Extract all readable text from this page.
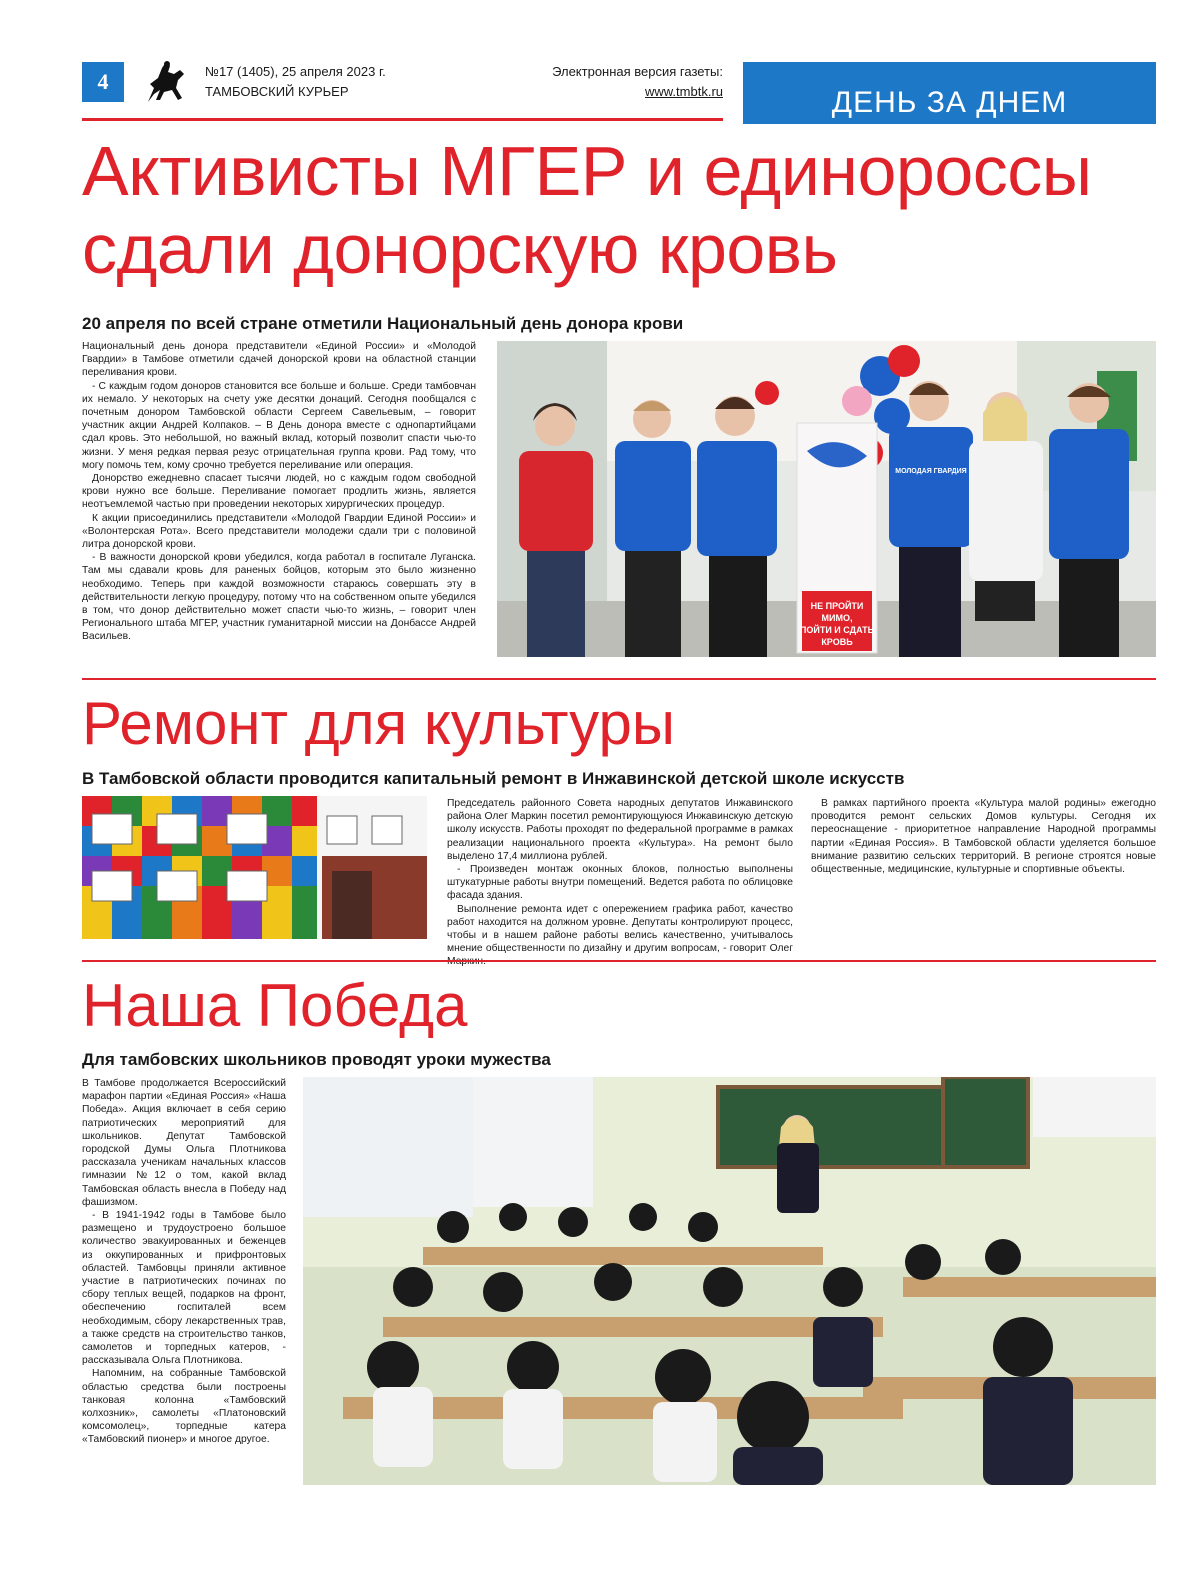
4	№17 (1405), 25 апреля 2023 г.
ТАМБОВСКИЙ КУРЬЕР
Электронная версия газеты:
www.tmbtk.ru	ДЕНЬ ЗА ДНЕМ
Активисты МГЕР и единороссы сдали донорскую кровь
20 апреля по всей стране отметили Национальный день донора крови

Национальный день донора представители «Единой России» и «Молодой Гвардии» в Тамбове отметили сдачей донорской крови на областной станции переливания крови.

- С каждым годом доноров становится все больше и больше. Среди тамбовчан их немало. У некоторых на счету уже десятки донаций. Сегодня пообщался с почетным донором Тамбовской области Сергеем Савельевым, – говорит участник акции Андрей Колпаков. – В День донора вместе с однопартийцами сдал кровь. Это небольшой, но важный вклад, который позволит спасти чью-то жизни. У меня редкая первая резус отрицательная группа крови. Рад тому, что могу помочь тем, кому срочно требуется переливание или операция.

Донорство ежедневно спасает тысячи людей, но с каждым годом свободной крови нужно все больше. Переливание помогает продлить жизнь, является неотъемлемой частью при проведении некоторых хирургических процедур.

К акции присоединились представители «Молодой Гвардии Единой России» и «Волонтерская Рота». Всего представители молодежи сдали три с половиной литра донорской крови.

- В важности донорской крови убедился, когда работал в госпитале Луганска. Там мы сдавали кровь для раненых бойцов, которым это было жизненно необходимо. Теперь при каждой возможности стараюсь совершать эту в действительности легкую процедуру, потому что на собственном опыте убедился в том, что донор действительно может спасти чью-то жизнь, – говорит член Регионального штаба МГЕР, участник гуманитарной миссии на Донбассе Андрей Васильев.

НЕ ПРОЙТИ
МИМО,
ПОЙТИ И СДАТЬ
КРОВЬ
МОЛОДАЯ ГВАРДИЯ
Ремонт для культуры
В Тамбовской области проводится капитальный ремонт в Инжавинской детской школе искусств

Председатель районного Совета народных депутатов Инжавинского района Олег Маркин посетил ремонтирующуюся Инжавинскую детскую школу искусств. Работы проходят по федеральной программе в рамках реализации национального проекта «Культура». На ремонт было выделено 17,4 миллиона рублей.

- Произведен монтаж оконных блоков, полностью выполнены штукатурные работы внутри помещений. Ведется работа по облицовке фасада здания.

Выполнение ремонта идет с опережением графика работ, качество работ находится на должном уровне. Депутаты контролируют процесс, чтобы и в нашем районе работы велись качественно, учитывалось мнение общественности по дизайну и другим вопросам, - говорит Олег

В рамках партийного проекта «Культура малой родины» ежегодно проводится ремонт сельских Домов культуры. Сегодня их переоснащение - приоритетное направление Народной программы партии «Единая Россия». В Тамбовской области уделяется большое внимание развитию сельских территорий. В регионе строятся новые общественные, медицинские, культурные и спортивные объекты.

Наша Победа
Для тамбовских школьников проводят уроки мужества

В Тамбове продолжается Всероссийский марафон партии «Единая Россия» «Наша Победа». Акция включает в себя серию патриотических мероприятий для школьников. Депутат Тамбовской городской Думы Ольга Плотникова рассказала ученикам начальных классов гимназии №12 о том, какой вклад Тамбовская область внесла в Победу над фашизмом.

- В 1941-1942 годы в Тамбове было размещено и трудоустроено большое количество эвакуированных и беженцев из оккупированных и прифронтовых областей. Тамбовцы приняли активное участие в патриотических починах по сбору теплых вещей, подарков на фронт, обеспечению госпиталей всем необходимым, сбору лекарственных трав, а также средств на строительство танков, самолетов и торпедных катеров, - рассказывала Ольга Плотникова.

Напомним, на собранные Тамбовской областью средства были построены танковая колонна «Тамбовский колхозник», самолеты «Платоновский комсомолец», торпедные катера «Тамбовский пионер» и многое другое.
